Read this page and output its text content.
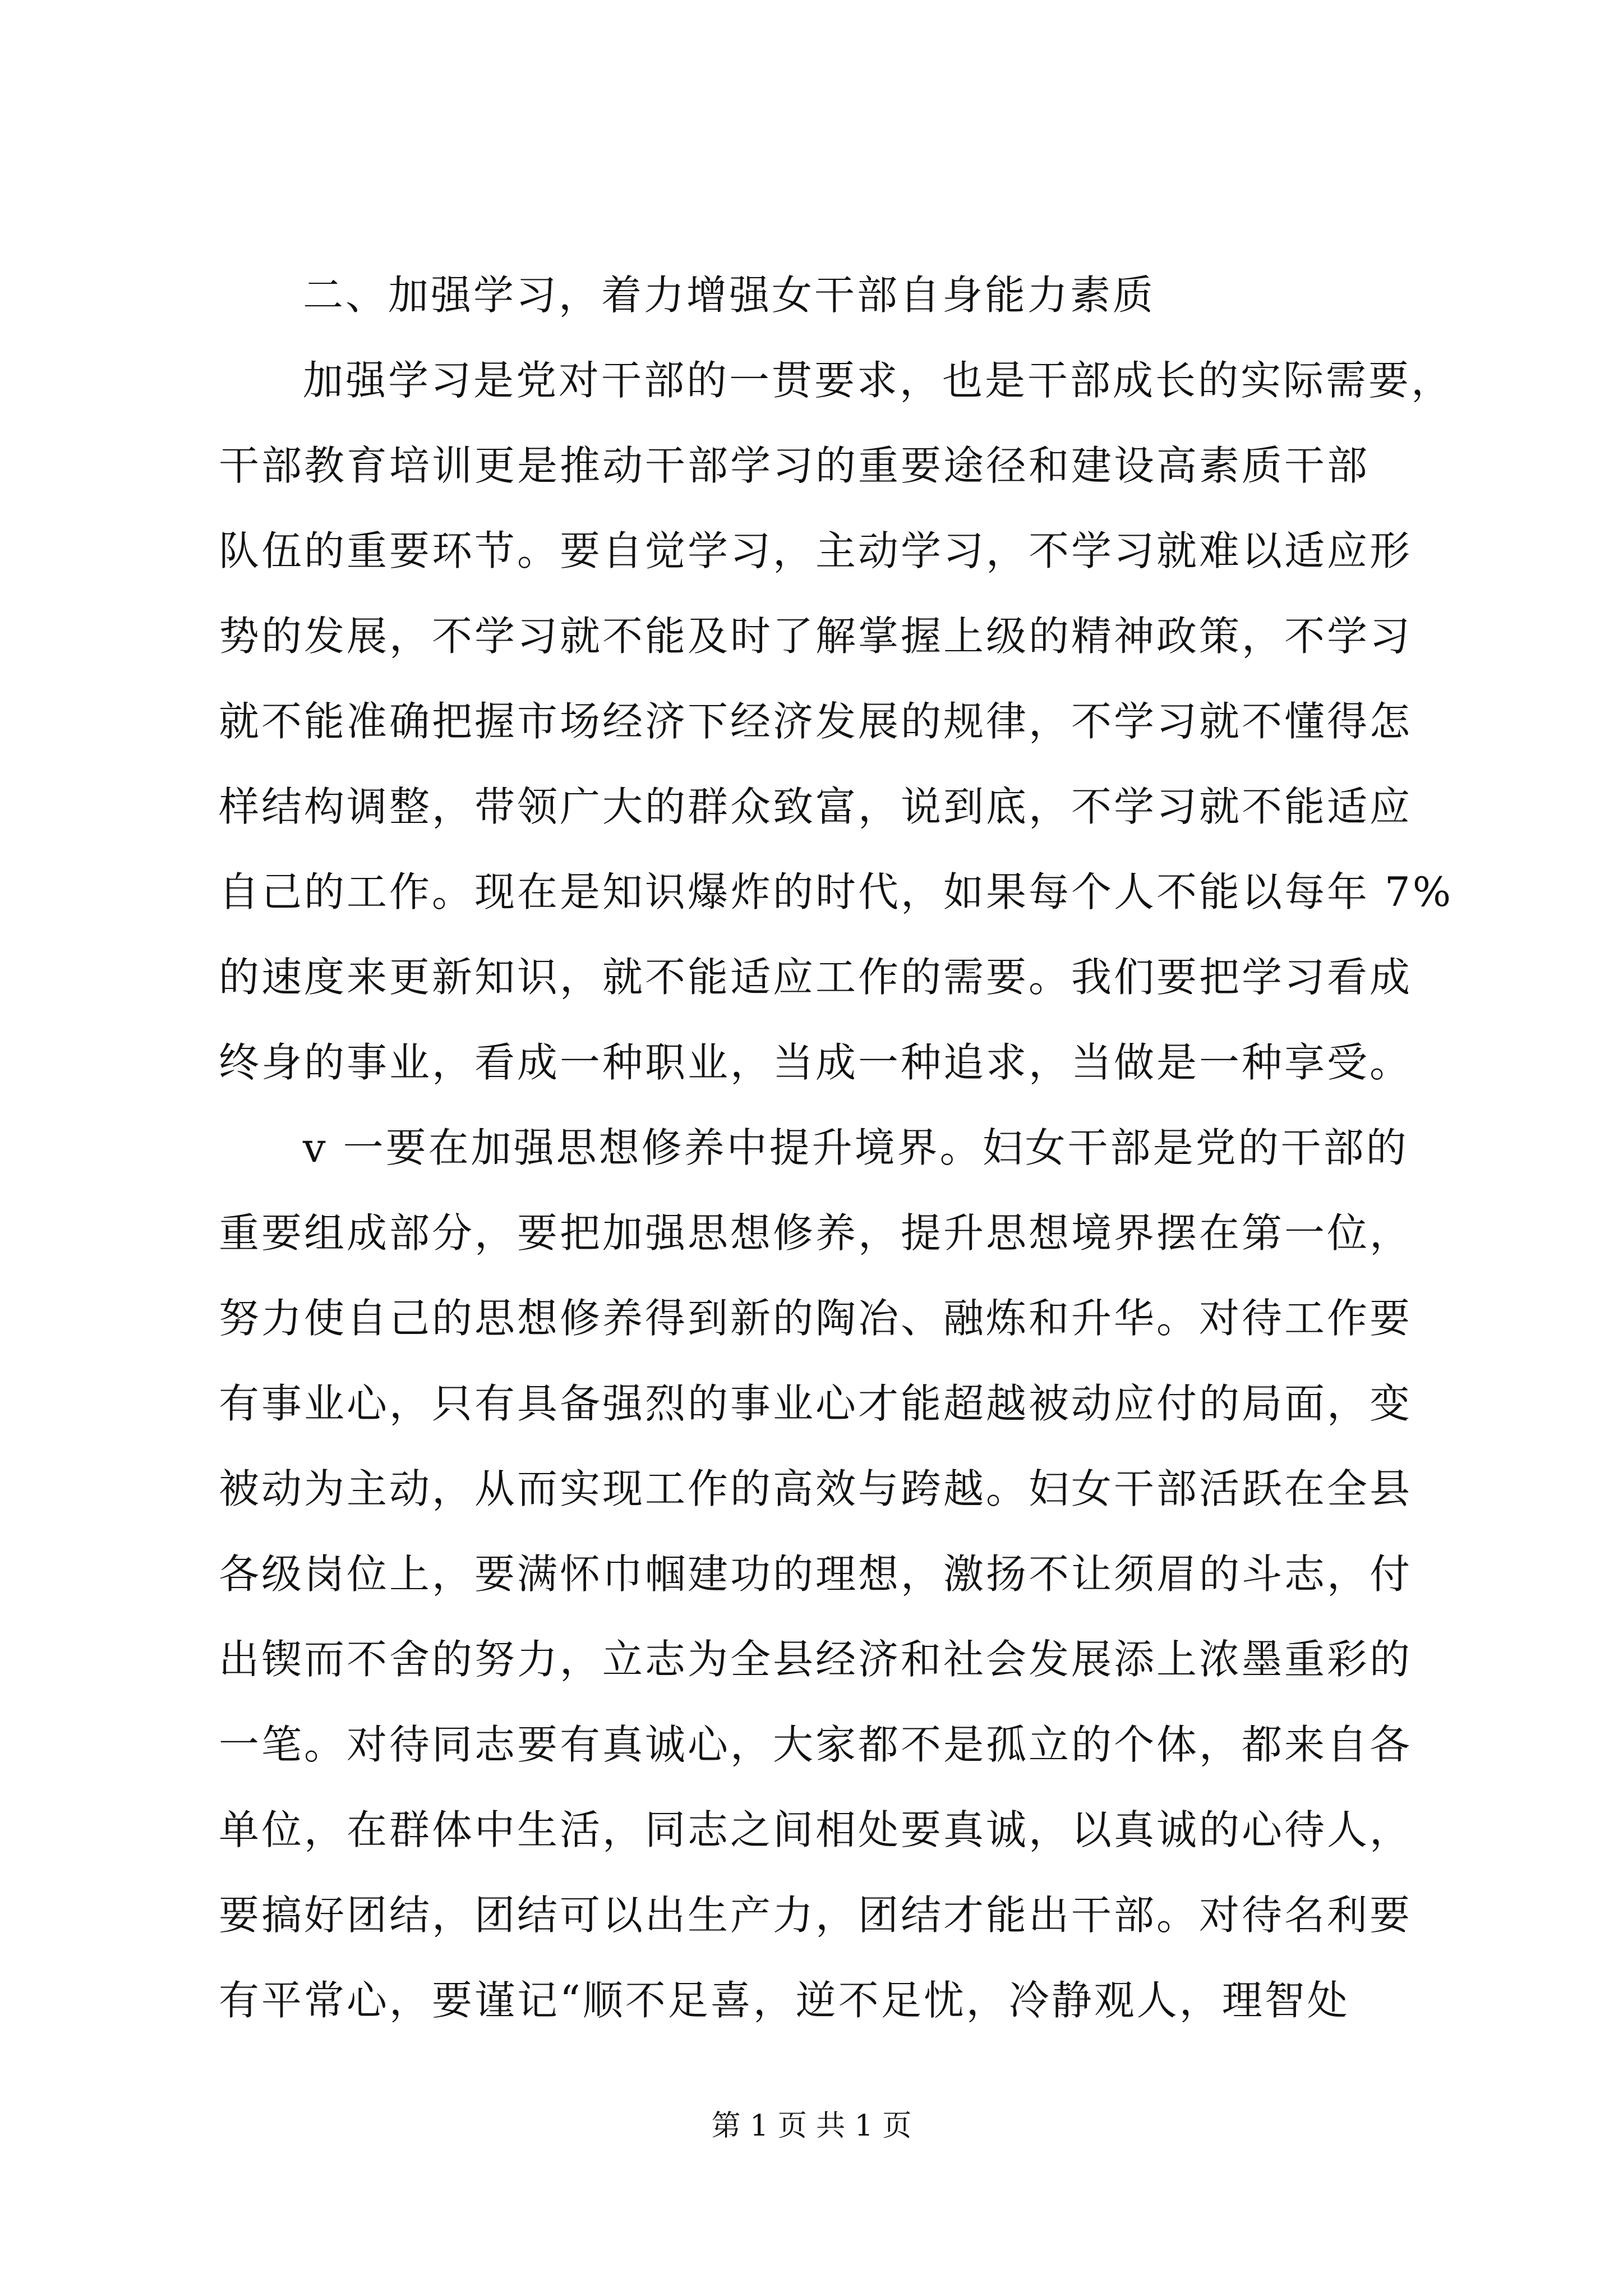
二、加强学习，着力增强女干部自身能力素质
加强学习是党对干部的一贯要求，也是干部成长的实际需要，
干部教育培训更是推动干部学习的重要途径和建设高素质干部
队伍的重要环节。要自觉学习，主动学习，不学习就难以适应形
势的发展，不学习就不能及时了解掌握上级的精神政策，不学习
就不能准确把握市场经济下经济发展的规律，不学习就不懂得怎
样结构调整，带领广大的群众致富，说到底，不学习就不能适应
自己的工作。现在是知识爆炸的时代，如果每个人不能以每年 7%
的速度来更新知识，就不能适应工作的需要。我们要把学习看成
终身的事业，看成一种职业，当成一种追求，当做是一种享受。
v 一要在加强思想修养中提升境界。妇女干部是党的干部的
重要组成部分，要把加强思想修养，提升思想境界摆在第一位，
努力使自己的思想修养得到新的陶冶、融炼和升华。对待工作要
有事业心，只有具备强烈的事业心才能超越被动应付的局面，变
被动为主动，从而实现工作的高效与跨越。妇女干部活跃在全县
各级岗位上，要满怀巾帼建功的理想，激扬不让须眉的斗志，付
出锲而不舍的努力，立志为全县经济和社会发展添上浓墨重彩的
一笔。对待同志要有真诚心，大家都不是孤立的个体，都来自各
单位，在群体中生活，同志之间相处要真诚，以真诚的心待人，
要搞好团结，团结可以出生产力，团结才能出干部。对待名利要
有平常心，要谨记“顺不足喜，逆不足忧，冷静观人，理智处
第 1 页 共 1 页
